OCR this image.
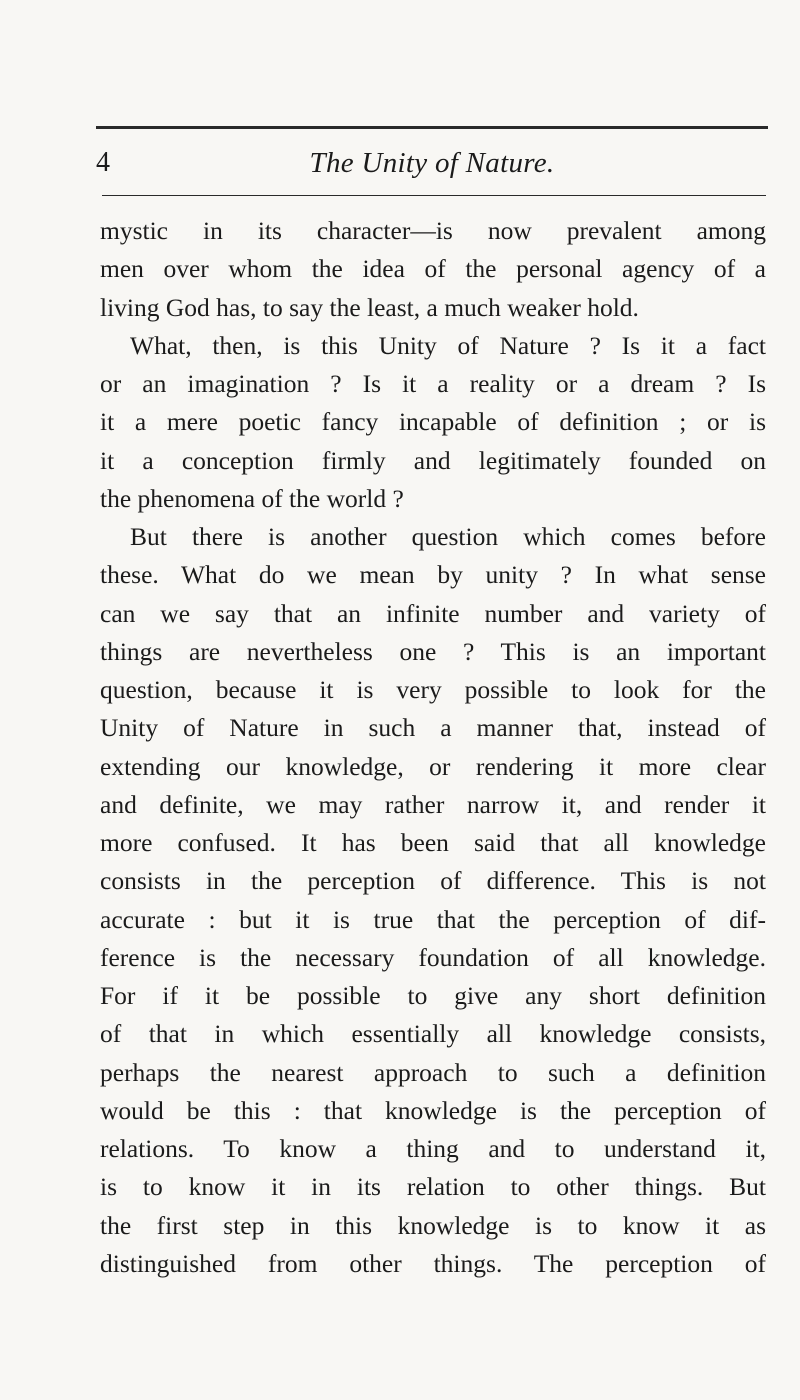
4	The Unity of Nature.
mystic in its character—is now prevalent among
men over whom the idea of the personal agency of a
living God has, to say the least, a much weaker hold.
What, then, is this Unity of Nature ? Is it a fact
or an imagination ? Is it a reality or a dream ? Is
it a mere poetic fancy incapable of definition ; or is
it a conception firmly and legitimately founded on
the phenomena of the world ?
But there is another question which comes before
these. What do we mean by unity ? In what sense
can we say that an infinite number and variety of
things are nevertheless one ? This is an important
question, because it is very possible to look for the
Unity of Nature in such a manner that, instead of
extending our knowledge, or rendering it more clear
and definite, we may rather narrow it, and render it
more confused. It has been said that all knowledge
consists in the perception of difference. This is not
accurate : but it is true that the perception of dif-
ference is the necessary foundation of all knowledge.
For if it be possible to give any short definition
of that in which essentially all knowledge consists,
perhaps the nearest approach to such a definition
would be this : that knowledge is the perception of
relations. To know a thing and to understand it,
is to know it in its relation to other things. But
the first step in this knowledge is to know it as
distinguished from other things. The perception of
